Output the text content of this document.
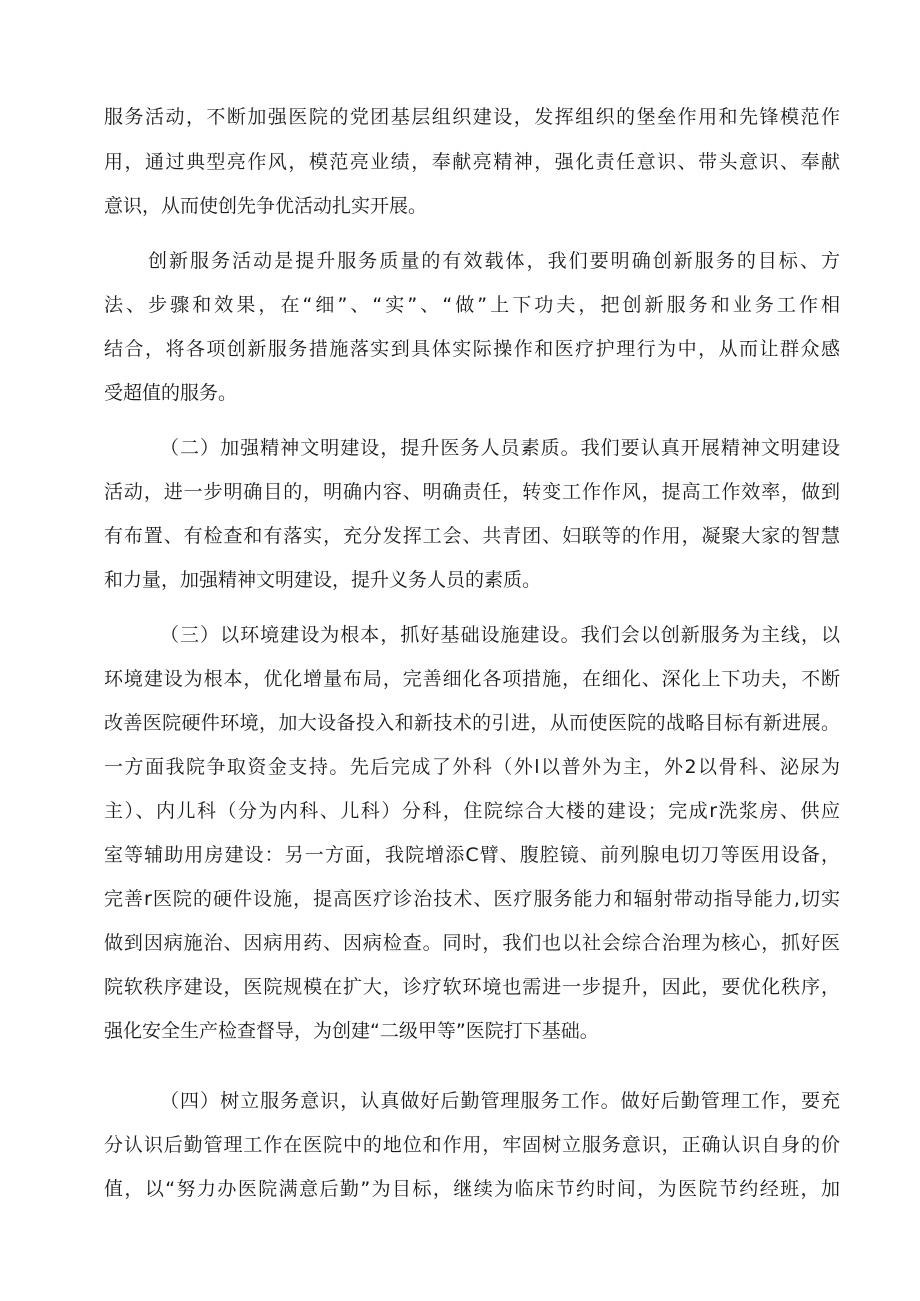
服务活动，不断加强医院的党团基层组织建设，发挥组织的堡垒作用和先锋模范作
用，通过典型亮作风，模范亮业绩，奉献亮精神，强化责任意识、带头意识、奉献
意识，从而使创先争优活动扎实开展。
创新服务活动是提升服务质量的有效载体，我们要明确创新服务的目标、方
法、步骤和效果，在“细”、“实”、“做”上下功夫，把创新服务和业务工作相
结合，将各项创新服务措施落实到具体实际操作和医疗护理行为中，从而让群众感
受超值的服务。
（二）加强精神文明建设，提升医务人员素质。我们要认真开展精神文明建设
活动，进一步明确目的，明确内容、明确责任，转变工作作风，提高工作效率，做到
有布置、有检查和有落实，充分发挥工会、共青团、妇联等的作用，凝聚大家的智慧
和力量，加强精神文明建设，提升义务人员的素质。
（三）以环境建设为根本，抓好基础设施建设。我们会以创新服务为主线，以
环境建设为根本，优化增量布局，完善细化各项措施，在细化、深化上下功夫，不断
改善医院硬件环境，加大设备投入和新技术的引进，从而使医院的战略目标有新进展。
一方面我院争取资金支持。先后完成了外科（外l以普外为主，外2以骨科、泌尿为
主）、内儿科（分为内科、儿科）分科，住院综合大楼的建设；完成r洗浆房、供应
室等辅助用房建设：另一方面，我院增添C臂、腹腔镜、前列腺电切刀等医用设备，
完善r医院的硬件设施，提高医疗诊治技术、医疗服务能力和辐射带动指导能力,切实
做到因病施治、因病用药、因病检查。同时，我们也以社会综合治理为核心，抓好医
院软秩序建设，医院规模在扩大，诊疗软环境也需进一步提升，因此，要优化秩序，
强化安全生产检查督导，为创建“二级甲等”医院打下基础。
（四）树立服务意识，认真做好后勤管理服务工作。做好后勤管理工作，要充
分认识后勤管理工作在医院中的地位和作用，牢固树立服务意识，正确认识自身的价
值，以“努力办医院满意后勤”为目标，继续为临床节约时间，为医院节约经班，加
